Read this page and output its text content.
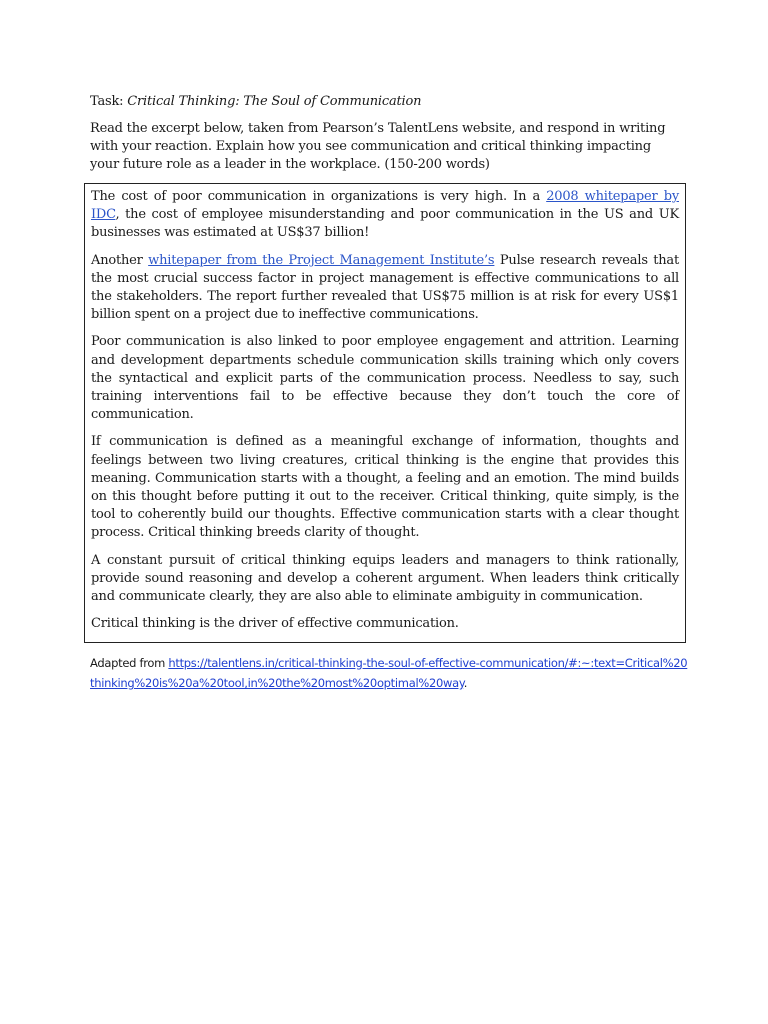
Task: Critical Thinking: The Soul of Communication

Read the excerpt below, taken from Pearson’s TalentLens website, and respond in writing with your reaction. Explain how you see communication and critical thinking impacting your future role as a leader in the workplace. (150-200 words)

The cost of poor communication in organizations is very high. In a 2008 whitepaper by IDC, the cost of employee misunderstanding and poor communication in the US and UK businesses was estimated at US$37 billion!

Another whitepaper from the Project Management Institute’s Pulse research reveals that the most crucial success factor in project management is effective communications to all the stakeholders. The report further revealed that US$75 million is at risk for every US$1 billion spent on a project due to ineffective communications.

Poor communication is also linked to poor employee engagement and attrition. Learning and development departments schedule communication skills training which only covers the syntactical and explicit parts of the communication process. Needless to say, such training interventions fail to be effective because they don’t touch the core of communication.

If communication is defined as a meaningful exchange of information, thoughts and feelings between two living creatures, critical thinking is the engine that provides this meaning. Communication starts with a thought, a feeling and an emotion. The mind builds on this thought before putting it out to the receiver. Critical thinking, quite simply, is the tool to coherently build our thoughts. Effective communication starts with a clear thought process. Critical thinking breeds clarity of thought.

A constant pursuit of critical thinking equips leaders and managers to think rationally, provide sound reasoning and develop a coherent argument. When leaders think critically and communicate clearly, they are also able to eliminate ambiguity in communication.

Critical thinking is the driver of effective communication.

Adapted from https://talentlens.in/critical-thinking-the-soul-of-effective-communication/#:~:text=Critical%20thinking%20is%20a%20tool,in%20the%20most%20optimal%20way.
